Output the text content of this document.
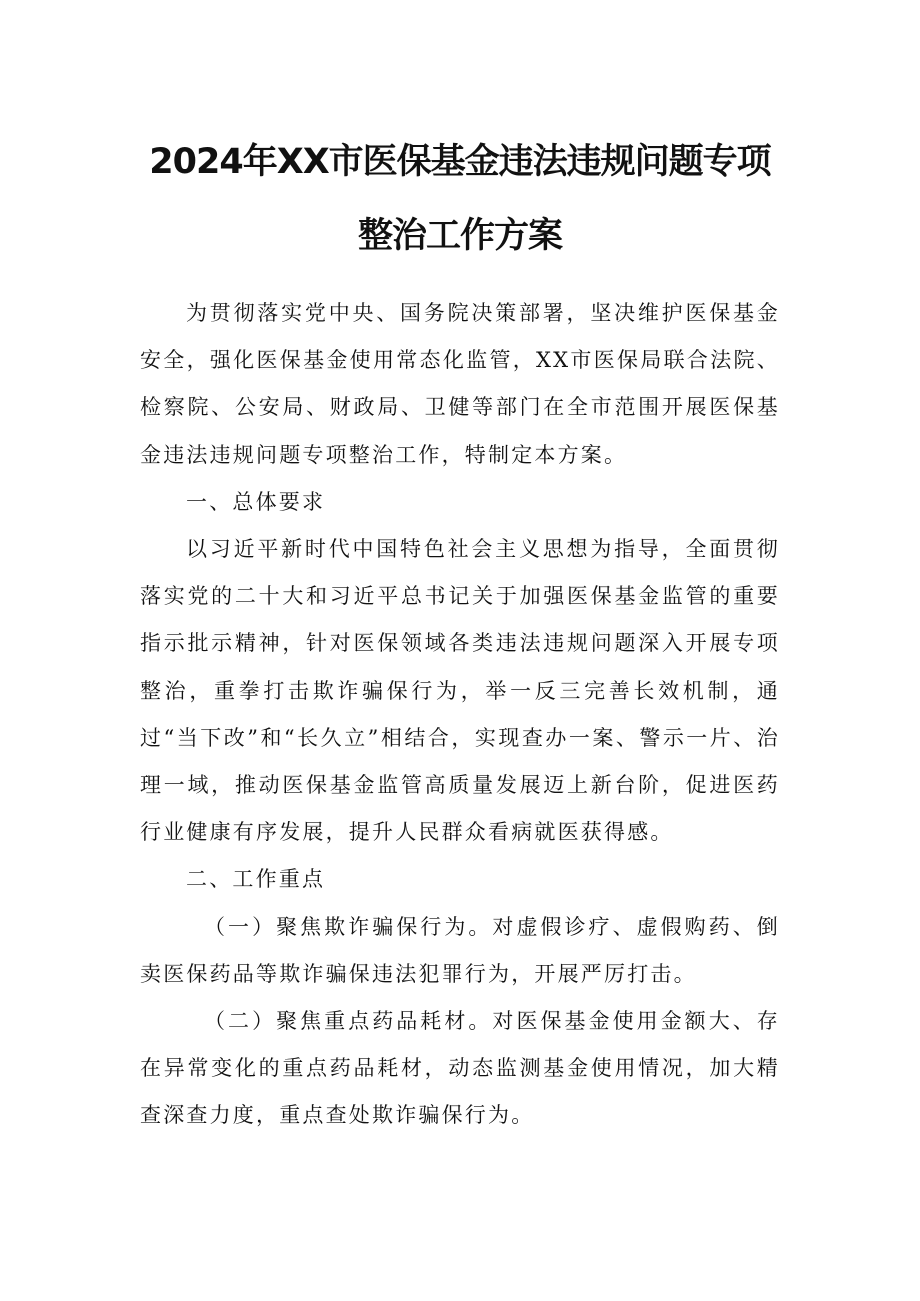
2024年XX市医保基金违法违规问题专项
整治工作方案

为贯彻落实党中央、国务院决策部署，坚决维护医保基金安全，强化医保基金使用常态化监管，XX市医保局联合法院、检察院、公安局、财政局、卫健等部门在全市范围开展医保基金违法违规问题专项整治工作，特制定本方案。

一、总体要求

以习近平新时代中国特色社会主义思想为指导，全面贯彻落实党的二十大和习近平总书记关于加强医保基金监管的重要指示批示精神，针对医保领域各类违法违规问题深入开展专项整治，重拳打击欺诈骗保行为，举一反三完善长效机制，通过“当下改”和“长久立”相结合，实现查办一案、警示一片、治理一域，推动医保基金监管高质量发展迈上新台阶，促进医药行业健康有序发展，提升人民群众看病就医获得感。

二、工作重点

（一）聚焦欺诈骗保行为。对虚假诊疗、虚假购药、倒卖医保药品等欺诈骗保违法犯罪行为，开展严厉打击。

（二）聚焦重点药品耗材。对医保基金使用金额大、存在异常变化的重点药品耗材，动态监测基金使用情况，加大精查深查力度，重点查处欺诈骗保行为。
